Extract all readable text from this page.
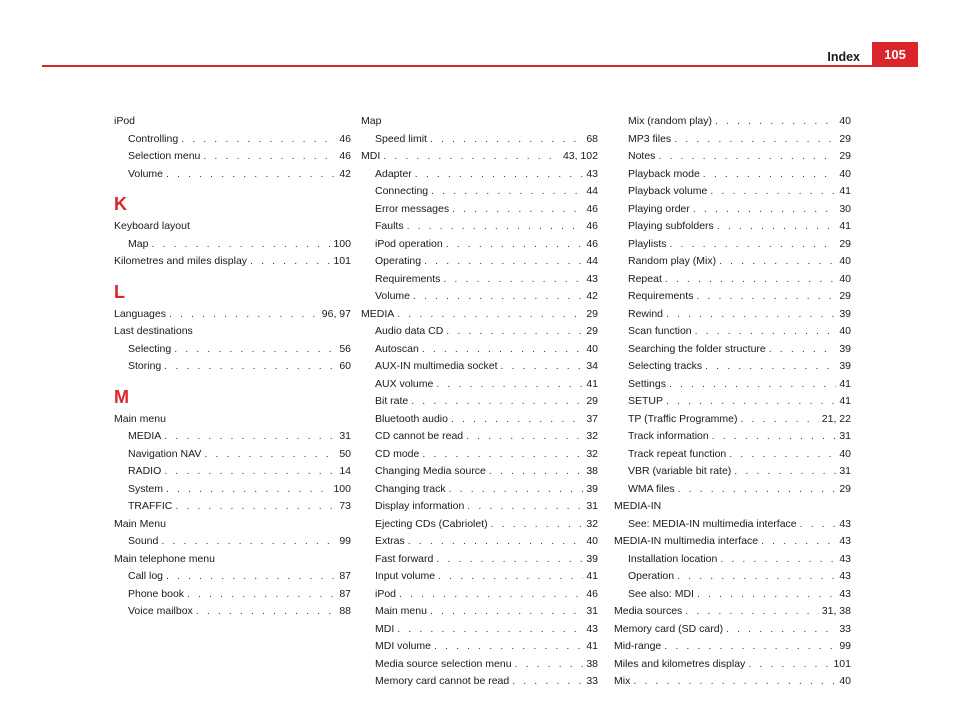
Index	105
iPod
Controlling . . .	46
Selection menu . . .	46
Volume . . .	42
K
Keyboard layout
Map . . .	100
Kilometres and miles display . . .	101
L
Languages . . .	96, 97
Last destinations
Selecting . . .	56
Storing . . .	60
M
Main menu
MEDIA . . .	31
Navigation NAV . . .	50
RADIO . . .	14
System . . .	100
TRAFFIC . . .	73
Main Menu
Sound . . .	99
Main telephone menu
Call log . . .	87
Phone book . . .	87
Voice mailbox . . .	88
Map
Speed limit . . .	68
MDI . . .	43, 102
Adapter . . .	43
Connecting . . .	44
Error messages . . .	46
Faults . . .	46
iPod operation . . .	46
Operating . . .	44
Requirements . . .	43
Volume . . .	42
MEDIA . . .	29
Audio data CD . . .	29
Autoscan . . .	40
AUX-IN multimedia socket . . .	34
AUX volume . . .	41
Bit rate . . .	29
Bluetooth audio . . .	37
CD cannot be read . . .	32
CD mode . . .	32
Changing Media source . . .	38
Changing track . . .	39
Display information . . .	31
Ejecting CDs (Cabriolet) . . .	32
Extras . . .	40
Fast forward . . .	39
Input volume . . .	41
iPod . . .	46
Main menu . . .	31
MDI . . .	43
MDI volume . . .	41
Media source selection menu . . .	38
Memory card cannot be read . . .	33
Mix (random play) . . .	40
MP3 files . . .	29
Notes . . .	29
Playback mode . . .	40
Playback volume . . .	41
Playing order . . .	30
Playing subfolders . . .	41
Playlists . . .	29
Random play (Mix) . . .	40
Repeat . . .	40
Requirements . . .	29
Rewind . . .	39
Scan function . . .	40
Searching the folder structure . . .	39
Selecting tracks . . .	39
Settings . . .	41
SETUP . . .	41
TP (Traffic Programme) . . .	21, 22
Track information . . .	31
Track repeat function . . .	40
VBR (variable bit rate) . . .	31
WMA files . . .	29
MEDIA-IN
See: MEDIA-IN multimedia interface . . .	43
MEDIA-IN multimedia interface . . .	43
Installation location . . .	43
Operation . . .	43
See also: MDI . . .	43
Media sources . . .	31, 38
Memory card (SD card) . . .	33
Mid-range . . .	99
Miles and kilometres display . . .	101
Mix . . .	40
